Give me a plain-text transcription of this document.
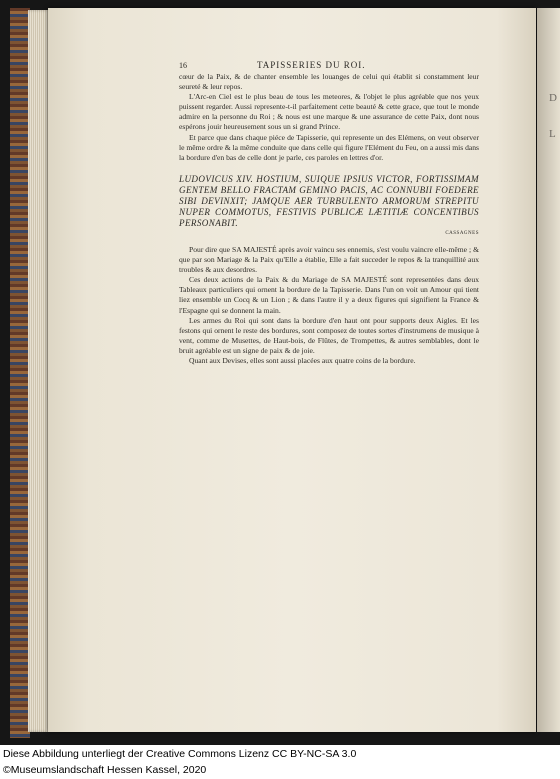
D
L
16	TAPISSERIES DU ROI.

cœur de la Paix, & de chanter ensemble les louanges de celui qui établit si constamment leur seureté & leur repos.

L'Arc-en Ciel est le plus beau de tous les meteores, & l'objet le plus agréable que nos yeux puissent regarder. Aussi represente-t-il parfaitement cette beauté & cette grace, que tout le monde admire en la personne du Roi ; & nous est une marque & une assurance de cette Paix, dont nous espérons jouir heureusement sous un si grand Prince.

Et parce que dans chaque piéce de Tapisserie, qui represente un des Elémens, on veut observer le même ordre & la même conduite que dans celle qui figure l'Elément du Feu, on a aussi mis dans la bordure d'en bas de celle dont je parle, ces paroles en lettres d'or.

LUDOVICUS XIV. HOSTIUM, SUIQUE IPSIUS VICTOR, FORTISSIMAM GENTEM BELLO FRACTAM GEMINO PACIS, AC CONNUBII FOEDERE SIBI DEVINXIT; JAMQUE AER TURBULENTO ARMORUM STREPITU NUPER COMMOTUS, FESTIVIS PUBLICÆ LÆTITIÆ CONCENTIBUS PERSONABIT.

CASSAGNES

Pour dire que SA MAJESTÉ après avoir vaincu ses ennemis, s'est voulu vaincre elle-même ; & que par son Mariage & la Paix qu'Elle a établie, Elle a fait succeder le repos & la tranquillité aux troubles & aux desordres.

Ces deux actions de la Paix & du Mariage de SA MAJESTÉ sont representées dans deux Tableaux particuliers qui ornent la bordure de la Tapisserie. Dans l'un on voit un Amour qui tient liez ensemble un Cocq & un Lion ; & dans l'autre il y a deux figures qui signifient la France & l'Espagne qui se donnent la main.

Les armes du Roi qui sont dans la bordure d'en haut ont pour supports deux Aigles. Et les festons qui ornent le reste des bordures, sont composez de toutes sortes d'instrumens de musique à vent, comme de Musettes, de Haut-bois, de Flûtes, de Trompettes, & autres semblables, dont le bruit agréable est un signe de paix & de joie.

Quant aux Devises, elles sont aussi placées aux quatre coins de la bordure.

Diese Abbildung unterliegt der Creative Commons Lizenz CC BY-NC-SA 3.0
©Museumslandschaft Hessen Kassel, 2020
